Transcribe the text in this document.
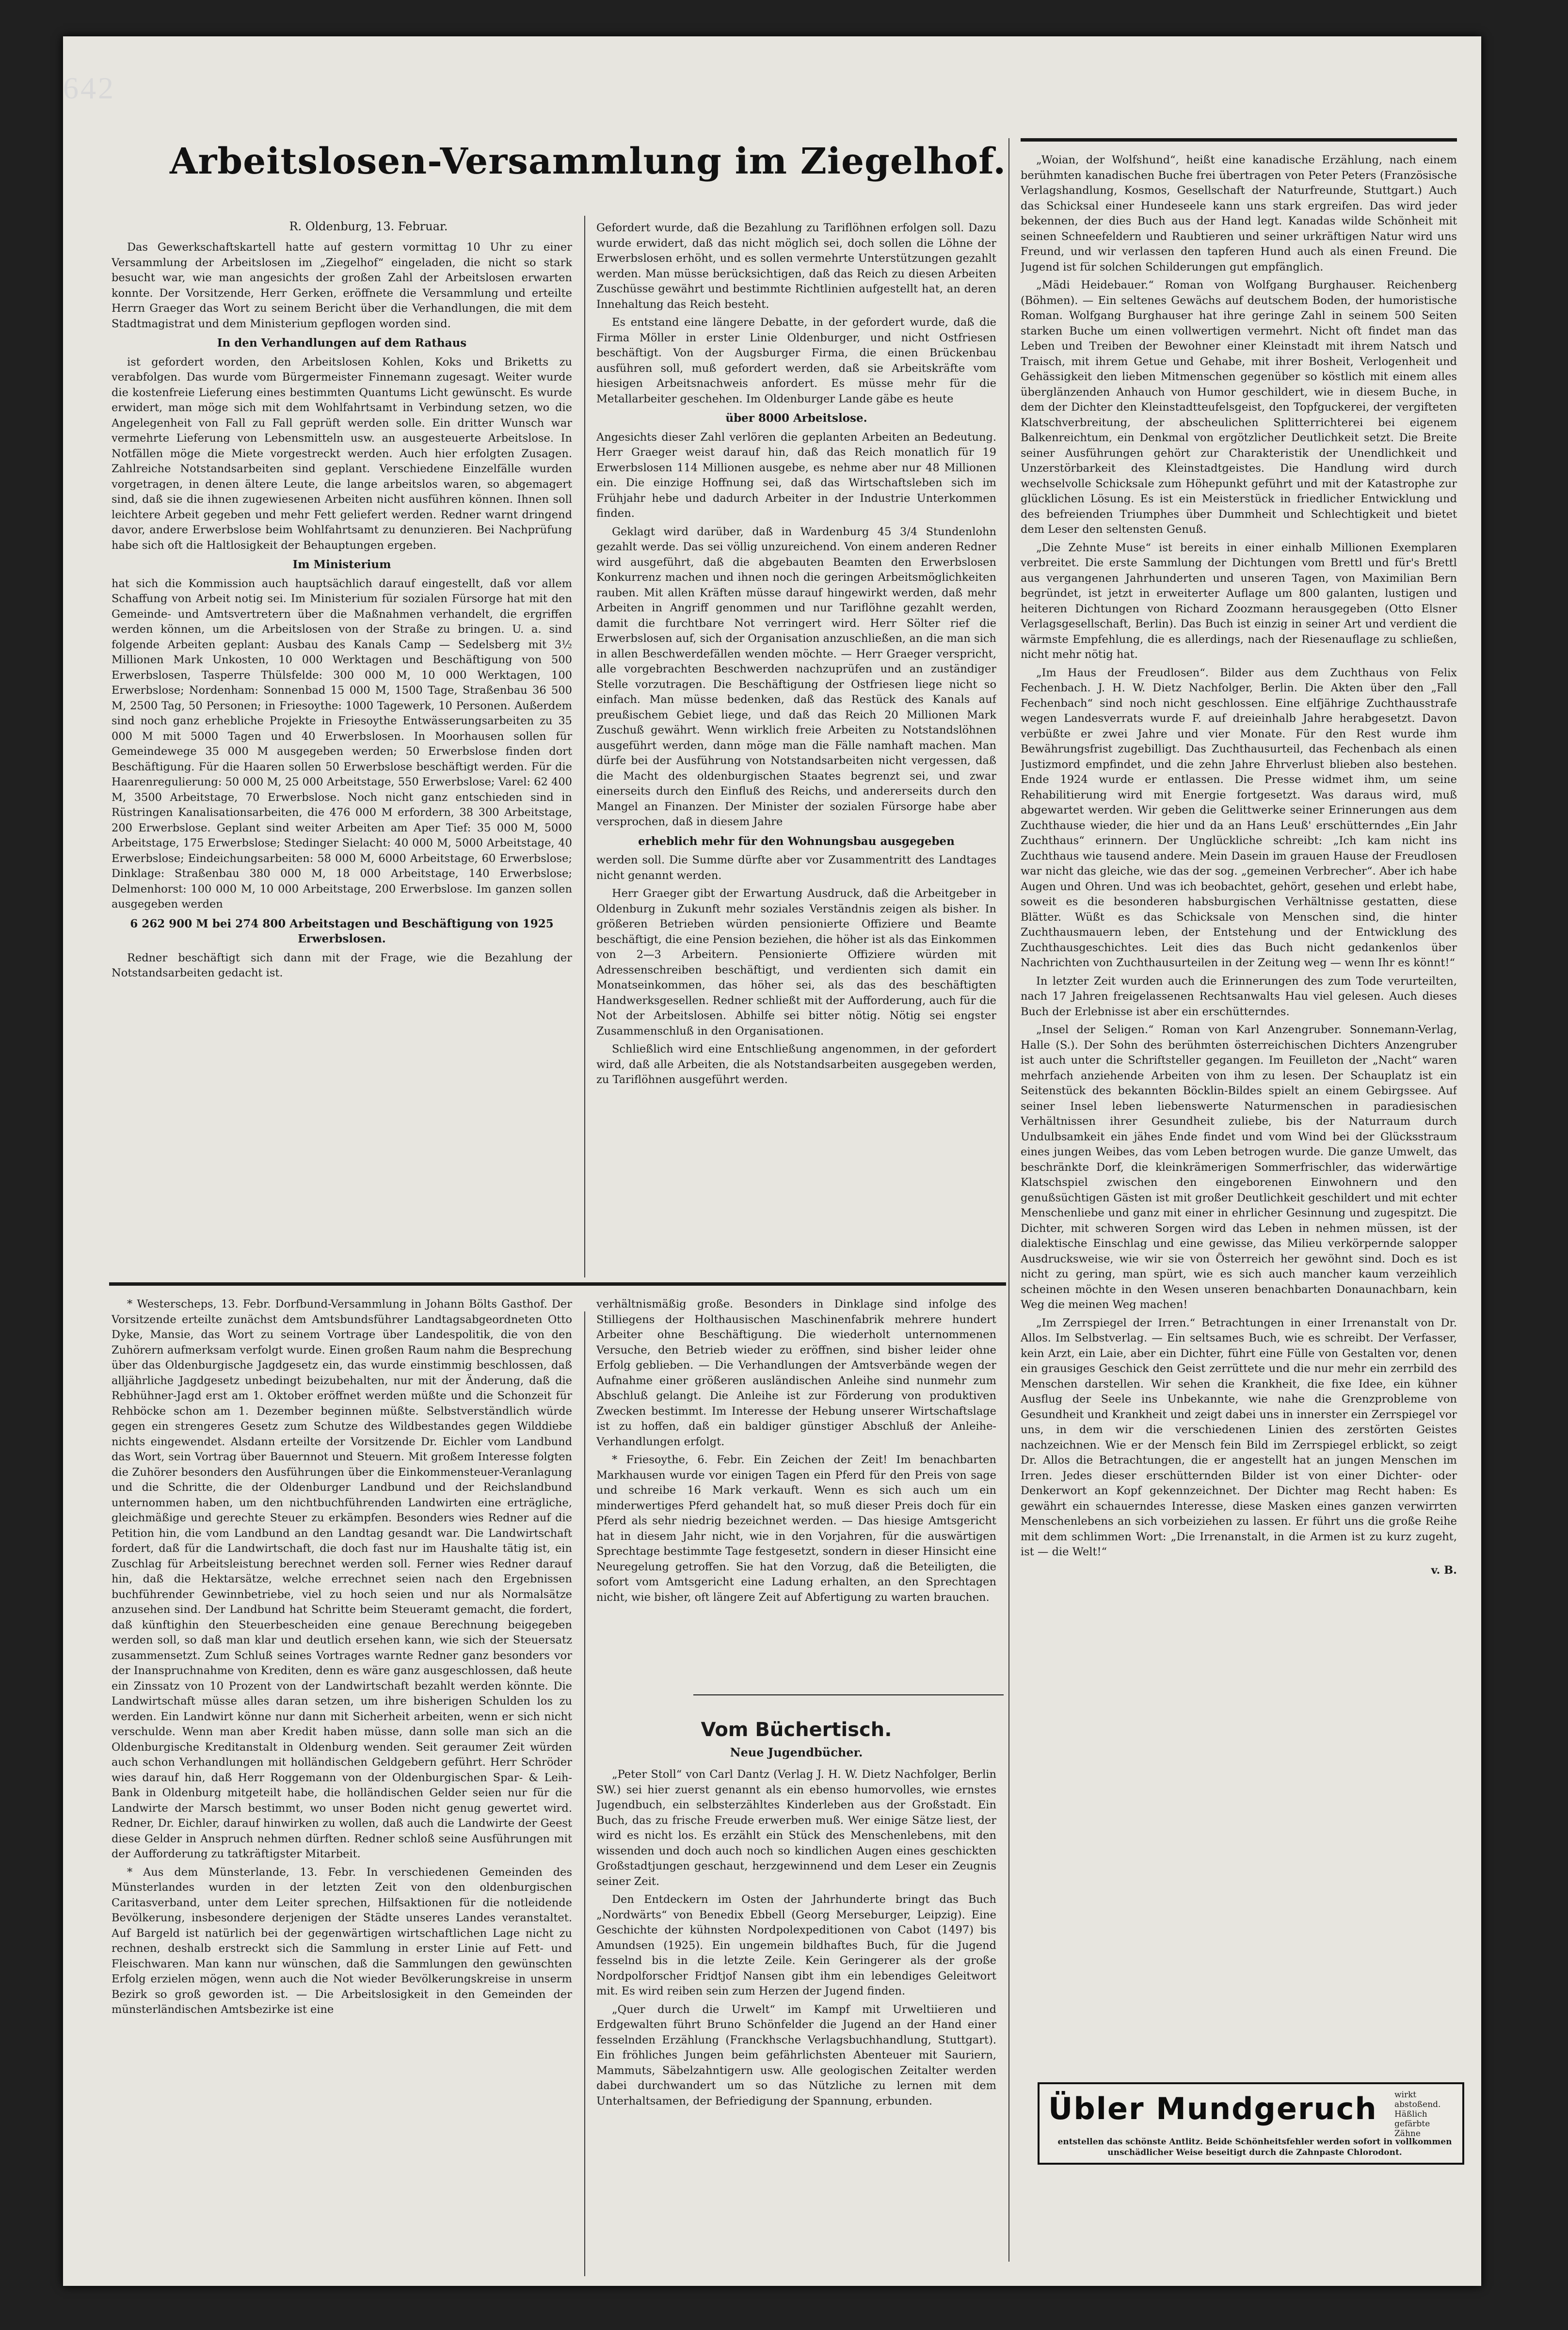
642
Arbeitslosen-Versammlung im Ziegelhof.
R. Oldenburg, 13. Februar.

Das Gewerkschaftskartell hatte auf gestern vormittag 10 Uhr zu einer Versammlung der Arbeitslosen im „Ziegelhof“ eingeladen, die nicht so stark besucht war, wie man angesichts der großen Zahl der Arbeitslosen erwarten konnte. Der Vorsitzende, Herr Gerken, eröffnete die Versammlung und erteilte Herrn Graeger das Wort zu seinem Bericht über die Verhandlungen, die mit dem Stadtmagistrat und dem Ministerium gepflogen worden sind.

In den Verhandlungen auf dem Rathaus

ist gefordert worden, den Arbeitslosen Kohlen, Koks und Briketts zu verabfolgen. Das wurde vom Bürgermeister Finnemann zugesagt. Weiter wurde die kostenfreie Lieferung eines bestimmten Quantums Licht gewünscht. Es wurde erwidert, man möge sich mit dem Wohlfahrtsamt in Verbindung setzen, wo die Angelegenheit von Fall zu Fall geprüft werden solle. Ein dritter Wunsch war vermehrte Lieferung von Lebensmitteln usw. an ausgesteuerte Arbeitslose. In Notfällen möge die Miete vorgestreckt werden. Auch hier erfolgten Zusagen. Zahlreiche Notstandsarbeiten sind geplant. Verschiedene Einzelfälle wurden vorgetragen, in denen ältere Leute, die lange arbeitslos waren, so abgemagert sind, daß sie die ihnen zugewiesenen Arbeiten nicht ausführen können. Ihnen soll leichtere Arbeit gegeben und mehr Fett geliefert werden. Redner warnt dringend davor, andere Erwerbslose beim Wohlfahrtsamt zu denunzieren. Bei Nachprüfung habe sich oft die Haltlosigkeit der Behauptungen ergeben.

Im Ministerium

hat sich die Kommission auch hauptsächlich darauf eingestellt, daß vor allem Schaffung von Arbeit notig sei. Im Ministerium für sozialen Fürsorge hat mit den Gemeinde- und Amtsvertretern über die Maßnahmen verhandelt, die ergriffen werden können, um die Arbeitslosen von der Straße zu bringen. U. a. sind folgende Arbeiten geplant: Ausbau des Kanals Camp — Sedelsberg mit 3½ Millionen Mark Unkosten, 10 000 Werktagen und Beschäftigung von 500 Erwerbslosen, Tasperre Thülsfelde: 300 000 M, 10 000 Werktagen, 100 Erwerbslose; Nordenham: Sonnenbad 15 000 M, 1500 Tage, Straßenbau 36 500 M, 2500 Tag, 50 Personen; in Friesoythe: 1000 Tagewerk, 10 Personen. Außerdem sind noch ganz erhebliche Projekte in Friesoythe Entwässerungsarbeiten zu 35 000 M mit 5000 Tagen und 40 Erwerbslosen. In Moorhausen sollen für Gemeindewege 35 000 M ausgegeben werden; 50 Erwerbslose finden dort Beschäftigung. Für die Haaren sollen 50 Erwerbslose beschäftigt werden. Für die Haarenregulierung: 50 000 M, 25 000 Arbeitstage, 550 Erwerbslose; Varel: 62 400 M, 3500 Arbeitstage, 70 Erwerbslose. Noch nicht ganz entschieden sind in Rüstringen Kanalisationsarbeiten, die 476 000 M erfordern, 38 300 Arbeitstage, 200 Erwerbslose. Geplant sind weiter Arbeiten am Aper Tief: 35 000 M, 5000 Arbeitstage, 175 Erwerbslose; Stedinger Sielacht: 40 000 M, 5000 Arbeitstage, 40 Erwerbslose; Eindeichungsarbeiten: 58 000 M, 6000 Arbeitstage, 60 Erwerbslose; Dinklage: Straßenbau 380 000 M, 18 000 Arbeitstage, 140 Erwerbslose; Delmenhorst: 100 000 M, 10 000 Arbeitstage, 200 Erwerbslose. Im ganzen sollen ausgegeben werden

6 262 900 M bei 274 800 Arbeitstagen und Beschäftigung von 1925 Erwerbslosen.

Redner beschäftigt sich dann mit der Frage, wie die Bezahlung der Notstandsarbeiten gedacht ist.

Gefordert wurde, daß die Bezahlung zu Tariflöhnen erfolgen soll. Dazu wurde erwidert, daß das nicht möglich sei, doch sollen die Löhne der Erwerbslosen erhöht, und es sollen vermehrte Unterstützungen gezahlt werden. Man müsse berücksichtigen, daß das Reich zu diesen Arbeiten Zuschüsse gewährt und bestimmte Richtlinien aufgestellt hat, an deren Innehaltung das Reich besteht.

Es entstand eine längere Debatte, in der gefordert wurde, daß die Firma Möller in erster Linie Oldenburger, und nicht Ostfriesen beschäftigt. Von der Augsburger Firma, die einen Brückenbau ausführen soll, muß gefordert werden, daß sie Arbeitskräfte vom hiesigen Arbeitsnachweis anfordert. Es müsse mehr für die Metallarbeiter geschehen. Im Oldenburger Lande gäbe es heute

über 8000 Arbeitslose.

Angesichts dieser Zahl verlören die geplanten Arbeiten an Bedeutung. Herr Graeger weist darauf hin, daß das Reich monatlich für 19 Erwerbslosen 114 Millionen ausgebe, es nehme aber nur 48 Millionen ein. Die einzige Hoffnung sei, daß das Wirtschaftsleben sich im Frühjahr hebe und dadurch Arbeiter in der Industrie Unterkommen finden.

Geklagt wird darüber, daß in Wardenburg 45 3/4 Stundenlohn gezahlt werde. Das sei völlig unzureichend. Von einem anderen Redner wird ausgeführt, daß die abgebauten Beamten den Erwerbslosen Konkurrenz machen und ihnen noch die geringen Arbeitsmöglichkeiten rauben. Mit allen Kräften müsse darauf hingewirkt werden, daß mehr Arbeiten in Angriff genommen und nur Tariflöhne gezahlt werden, damit die furchtbare Not verringert wird. Herr Sölter rief die Erwerbslosen auf, sich der Organisation anzuschließen, an die man sich in allen Beschwerdefällen wenden möchte. — Herr Graeger verspricht, alle vorgebrachten Beschwerden nachzuprüfen und an zuständiger Stelle vorzutragen. Die Beschäftigung der Ostfriesen liege nicht so einfach. Man müsse bedenken, daß das Restück des Kanals auf preußischem Gebiet liege, und daß das Reich 20 Millionen Mark Zuschuß gewährt. Wenn wirklich freie Arbeiten zu Notstandslöhnen ausgeführt werden, dann möge man die Fälle namhaft machen. Man dürfe bei der Ausführung von Notstandsarbeiten nicht vergessen, daß die Macht des oldenburgischen Staates begrenzt sei, und zwar einerseits durch den Einfluß des Reichs, und andererseits durch den Mangel an Finanzen. Der Minister der sozialen Fürsorge habe aber versprochen, daß in diesem Jahre

erheblich mehr für den Wohnungsbau ausgegeben

werden soll. Die Summe dürfte aber vor Zusammentritt des Landtages nicht genannt werden.

Herr Graeger gibt der Erwartung Ausdruck, daß die Arbeitgeber in Oldenburg in Zukunft mehr soziales Verständnis zeigen als bisher. In größeren Betrieben würden pensionierte Offiziere und Beamte beschäftigt, die eine Pension beziehen, die höher ist als das Einkommen von 2—3 Arbeitern. Pensionierte Offiziere würden mit Adressenschreiben beschäftigt, und verdienten sich damit ein Monatseinkommen, das höher sei, als das des beschäftigten Handwerksgesellen. Redner schließt mit der Aufforderung, auch für die Not der Arbeitslosen. Abhilfe sei bitter nötig. Nötig sei engster Zusammenschluß in den Organisationen.

Schließlich wird eine Entschließung angenommen, in der gefordert wird, daß alle Arbeiten, die als Notstandsarbeiten ausgegeben werden, zu Tariflöhnen ausgeführt werden.

* Westerscheps, 13. Febr. Dorfbund-Versammlung in Johann Bölts Gasthof. Der Vorsitzende erteilte zunächst dem Amtsbundsführer Landtagsabgeordneten Otto Dyke, Mansie, das Wort zu seinem Vortrage über Landespolitik, die von den Zuhörern aufmerksam verfolgt wurde. Einen großen Raum nahm die Besprechung über das Oldenburgische Jagdgesetz ein, das wurde einstimmig beschlossen, daß alljährliche Jagdgesetz unbedingt beizubehalten, nur mit der Änderung, daß die Rebhühner-Jagd erst am 1. Oktober eröffnet werden müßte und die Schonzeit für Rehböcke schon am 1. Dezember beginnen müßte. Selbstverständlich würde gegen ein strengeres Gesetz zum Schutze des Wildbestandes gegen Wilddiebe nichts eingewendet. Alsdann erteilte der Vorsitzende Dr. Eichler vom Landbund das Wort, sein Vortrag über Bauernnot und Steuern. Mit großem Interesse folgten die Zuhörer besonders den Ausführungen über die Einkommensteuer-Veranlagung und die Schritte, die der Oldenburger Landbund und der Reichslandbund unternommen haben, um den nichtbuchführenden Landwirten eine erträgliche, gleichmäßige und gerechte Steuer zu erkämpfen. Besonders wies Redner auf die Petition hin, die vom Landbund an den Landtag gesandt war. Die Landwirtschaft fordert, daß für die Landwirtschaft, die doch fast nur im Haushalte tätig ist, ein Zuschlag für Arbeitsleistung berechnet werden soll. Ferner wies Redner darauf hin, daß die Hektarsätze, welche errechnet seien nach den Ergebnissen buchführender Gewinnbetriebe, viel zu hoch seien und nur als Normalsätze anzusehen sind. Der Landbund hat Schritte beim Steueramt gemacht, die fordert, daß künftighin den Steuerbescheiden eine genaue Berechnung beigegeben werden soll, so daß man klar und deutlich ersehen kann, wie sich der Steuersatz zusammensetzt. Zum Schluß seines Vortrages warnte Redner ganz besonders vor der Inanspruchnahme von Krediten, denn es wäre ganz ausgeschlossen, daß heute ein Zinssatz von 10 Prozent von der Landwirtschaft bezahlt werden könnte. Die Landwirtschaft müsse alles daran setzen, um ihre bisherigen Schulden los zu werden. Ein Landwirt könne nur dann mit Sicherheit arbeiten, wenn er sich nicht verschulde. Wenn man aber Kredit haben müsse, dann solle man sich an die Oldenburgische Kreditanstalt in Oldenburg wenden. Seit geraumer Zeit würden auch schon Verhandlungen mit holländischen Geldgebern geführt. Herr Schröder wies darauf hin, daß Herr Roggemann von der Oldenburgischen Spar- & Leih-Bank in Oldenburg mitgeteilt habe, die holländischen Gelder seien nur für die Landwirte der Marsch bestimmt, wo unser Boden nicht genug gewertet wird. Redner, Dr. Eichler, darauf hinwirken zu wollen, daß auch die Landwirte der Geest diese Gelder in Anspruch nehmen dürften. Redner schloß seine Ausführungen mit der Aufforderung zu tatkräftigster Mitarbeit.

* Aus dem Münsterlande, 13. Febr. In verschiedenen Gemeinden des Münsterlandes wurden in der letzten Zeit von den oldenburgischen Caritasverband, unter dem Leiter sprechen, Hilfsaktionen für die notleidende Bevölkerung, insbesondere derjenigen der Städte unseres Landes veranstaltet. Auf Bargeld ist natürlich bei der gegenwärtigen wirtschaftlichen Lage nicht zu rechnen, deshalb erstreckt sich die Sammlung in erster Linie auf Fett- und Fleischwaren. Man kann nur wünschen, daß die Sammlungen den gewünschten Erfolg erzielen mögen, wenn auch die Not wieder Bevölkerungskreise in unserm Bezirk so groß geworden ist. — Die Arbeitslosigkeit in den Gemeinden der münsterländischen Amtsbezirke ist eine

verhältnismäßig große. Besonders in Dinklage sind infolge des Stilliegens der Holthausischen Maschinenfabrik mehrere hundert Arbeiter ohne Beschäftigung. Die wiederholt unternommenen Versuche, den Betrieb wieder zu eröffnen, sind bisher leider ohne Erfolg geblieben. — Die Verhandlungen der Amtsverbände wegen der Aufnahme einer größeren ausländischen Anleihe sind nunmehr zum Abschluß gelangt. Die Anleihe ist zur Förderung von produktiven Zwecken bestimmt. Im Interesse der Hebung unserer Wirtschaftslage ist zu hoffen, daß ein baldiger günstiger Abschluß der Anleihe-Verhandlungen erfolgt.

* Friesoythe, 6. Febr. Ein Zeichen der Zeit! Im benachbarten Markhausen wurde vor einigen Tagen ein Pferd für den Preis von sage und schreibe 16 Mark verkauft. Wenn es sich auch um ein minderwertiges Pferd gehandelt hat, so muß dieser Preis doch für ein Pferd als sehr niedrig bezeichnet werden. — Das hiesige Amtsgericht hat in diesem Jahr nicht, wie in den Vorjahren, für die auswärtigen Sprechtage bestimmte Tage festgesetzt, sondern in dieser Hinsicht eine Neuregelung getroffen. Sie hat den Vorzug, daß die Beteiligten, die sofort vom Amtsgericht eine Ladung erhalten, an den Sprechtagen nicht, wie bisher, oft längere Zeit auf Abfertigung zu warten brauchen.

Vom Büchertisch.
Neue Jugendbücher.

„Peter Stoll“ von Carl Dantz (Verlag J. H. W. Dietz Nachfolger, Berlin SW.) sei hier zuerst genannt als ein ebenso humorvolles, wie ernstes Jugendbuch, ein selbsterzähltes Kinderleben aus der Großstadt. Ein Buch, das zu frische Freude erwerben muß. Wer einige Sätze liest, der wird es nicht los. Es erzählt ein Stück des Menschenlebens, mit den wissenden und doch auch noch so kindlichen Augen eines geschickten Großstadtjungen geschaut, herzgewinnend und dem Leser ein Zeugnis seiner Zeit.

Den Entdeckern im Osten der Jahrhunderte bringt das Buch „Nordwärts“ von Benedix Ebbell (Georg Merseburger, Leipzig). Eine Geschichte der kühnsten Nordpolexpeditionen von Cabot (1497) bis Amundsen (1925). Ein ungemein bildhaftes Buch, für die Jugend fesselnd bis in die letzte Zeile. Kein Geringerer als der große Nordpolforscher Fridtjof Nansen gibt ihm ein lebendiges Geleitwort mit. Es wird reiben sein zum Herzen der Jugend finden.

„Quer durch die Urwelt“ im Kampf mit Urweltiieren und Erdgewalten führt Bruno Schönfelder die Jugend an der Hand einer fesselnden Erzählung (Franckhsche Verlagsbuchhandlung, Stuttgart). Ein fröhliches Jungen beim gefährlichsten Abenteuer mit Sauriern, Mammuts, Säbelzahntigern usw. Alle geologischen Zeitalter werden dabei durchwandert um so das Nützliche zu lernen mit dem Unterhaltsamen, der Befriedigung der Spannung, erbunden.

„Woian, der Wolfshund“, heißt eine kanadische Erzählung, nach einem berühmten kanadischen Buche frei übertragen von Peter Peters (Französische Verlagshandlung, Kosmos, Gesellschaft der Naturfreunde, Stuttgart.) Auch das Schicksal einer Hundeseele kann uns stark ergreifen. Das wird jeder bekennen, der dies Buch aus der Hand legt. Kanadas wilde Schönheit mit seinen Schneefeldern und Raubtieren und seiner urkräftigen Natur wird uns Freund, und wir verlassen den tapferen Hund auch als einen Freund. Die Jugend ist für solchen Schilderungen gut empfänglich.

„Mädi Heidebauer.“ Roman von Wolfgang Burghauser. Reichenberg (Böhmen). — Ein seltenes Gewächs auf deutschem Boden, der humoristische Roman. Wolfgang Burghauser hat ihre geringe Zahl in seinem 500 Seiten starken Buche um einen vollwertigen vermehrt. Nicht oft findet man das Leben und Treiben der Bewohner einer Kleinstadt mit ihrem Natsch und Traisch, mit ihrem Getue und Gehabe, mit ihrer Bosheit, Verlogenheit und Gehässigkeit den lieben Mitmenschen gegenüber so köstlich mit einem alles überglänzenden Anhauch von Humor geschildert, wie in diesem Buche, in dem der Dichter den Kleinstadtteufelsgeist, den Topfguckerei, der vergifteten Klatschverbreitung, der abscheulichen Splitterrichterei bei eigenem Balkenreichtum, ein Denkmal von ergötzlicher Deutlichkeit setzt. Die Breite seiner Ausführungen gehört zur Charakteristik der Unendlichkeit und Unzerstörbarkeit des Kleinstadtgeistes. Die Handlung wird durch wechselvolle Schicksale zum Höhepunkt geführt und mit der Katastrophe zur glücklichen Lösung. Es ist ein Meisterstück in friedlicher Entwicklung und des befreienden Triumphes über Dummheit und Schlechtigkeit und bietet dem Leser den seltensten Genuß.

„Die Zehnte Muse“ ist bereits in einer einhalb Millionen Exemplaren verbreitet. Die erste Sammlung der Dichtungen vom Brettl und für's Brettl aus vergangenen Jahrhunderten und unseren Tagen, von Maximilian Bern begründet, ist jetzt in erweiterter Auflage um 800 galanten, lustigen und heiteren Dichtungen von Richard Zoozmann herausgegeben (Otto Elsner Verlagsgesellschaft, Berlin). Das Buch ist einzig in seiner Art und verdient die wärmste Empfehlung, die es allerdings, nach der Riesenauflage zu schließen, nicht mehr nötig hat.

„Im Haus der Freudlosen“. Bilder aus dem Zuchthaus von Felix Fechenbach. J. H. W. Dietz Nachfolger, Berlin. Die Akten über den „Fall Fechenbach“ sind noch nicht geschlossen. Eine elfjährige Zuchthausstrafe wegen Landesverrats wurde F. auf dreieinhalb Jahre herabgesetzt. Davon verbüßte er zwei Jahre und vier Monate. Für den Rest wurde ihm Bewährungsfrist zugebilligt. Das Zuchthausurteil, das Fechenbach als einen Justizmord empfindet, und die zehn Jahre Ehrverlust blieben also bestehen. Ende 1924 wurde er entlassen. Die Presse widmet ihm, um seine Rehabilitierung wird mit Energie fortgesetzt. Was daraus wird, muß abgewartet werden. Wir geben die Gelittwerke seiner Erinnerungen aus dem Zuchthause wieder, die hier und da an Hans Leuß' erschütterndes „Ein Jahr Zuchthaus“ erinnern. Der Unglückliche schreibt: „Ich kam nicht ins Zuchthaus wie tausend andere. Mein Dasein im grauen Hause der Freudlosen war nicht das gleiche, wie das der sog. „gemeinen Verbrecher“. Aber ich habe Augen und Ohren. Und was ich beobachtet, gehört, gesehen und erlebt habe, soweit es die besonderen habsburgischen Verhältnisse gestatten, diese Blätter. Wüßt es das Schicksale von Menschen sind, die hinter Zuchthausmauern leben, der Entstehung und der Entwicklung des Zuchthausgeschichtes. Leit dies das Buch nicht gedankenlos über Nachrichten von Zuchthausurteilen in der Zeitung weg — wenn Ihr es könnt!“

In letzter Zeit wurden auch die Erinnerungen des zum Tode verurteilten, nach 17 Jahren freigelassenen Rechtsanwalts Hau viel gelesen. Auch dieses Buch der Erlebnisse ist aber ein erschütterndes.

„Insel der Seligen.“ Roman von Karl Anzengruber. Sonnemann-Verlag, Halle (S.). Der Sohn des berühmten österreichischen Dichters Anzengruber ist auch unter die Schriftsteller gegangen. Im Feuilleton der „Nacht“ waren mehrfach anziehende Arbeiten von ihm zu lesen. Der Schauplatz ist ein Seitenstück des bekannten Böcklin-Bildes spielt an einem Gebirgssee. Auf seiner Insel leben liebenswerte Naturmenschen in paradiesischen Verhältnissen ihrer Gesundheit zuliebe, bis der Naturraum durch Undulbsamkeit ein jähes Ende findet und vom Wind bei der Glücksstraum eines jungen Weibes, das vom Leben betrogen wurde. Die ganze Umwelt, das beschränkte Dorf, die kleinkrämerigen Sommerfrischler, das widerwärtige Klatschspiel zwischen den eingeborenen Einwohnern und den genußsüchtigen Gästen ist mit großer Deutlichkeit geschildert und mit echter Menschenliebe und ganz mit einer in ehrlicher Gesinnung und zugespitzt. Die Dichter, mit schweren Sorgen wird das Leben in nehmen müssen, ist der dialektische Einschlag und eine gewisse, das Milieu verkörpernde salopper Ausdrucksweise, wie wir sie von Österreich her gewöhnt sind. Doch es ist nicht zu gering, man spürt, wie es sich auch mancher kaum verzeihlich scheinen möchte in den Wesen unseren benachbarten Donaunachbarn, kein Weg die meinen Weg machen!

„Im Zerrspiegel der Irren.“ Betrachtungen in einer Irrenanstalt von Dr. Allos. Im Selbstverlag. — Ein seltsames Buch, wie es schreibt. Der Verfasser, kein Arzt, ein Laie, aber ein Dichter, führt eine Fülle von Gestalten vor, denen ein grausiges Geschick den Geist zerrüttete und die nur mehr ein zerrbild des Menschen darstellen. Wir sehen die Krankheit, die fixe Idee, ein kühner Ausflug der Seele ins Unbekannte, wie nahe die Grenzprobleme von Gesundheit und Krankheit und zeigt dabei uns in innerster ein Zerrspiegel vor uns, in dem wir die verschiedenen Linien des zerstörten Geistes nachzeichnen. Wie er der Mensch fein Bild im Zerrspiegel erblickt, so zeigt Dr. Allos die Betrachtungen, die er angestellt hat an jungen Menschen im Irren. Jedes dieser erschütternden Bilder ist von einer Dichter- oder Denkerwort an Kopf gekennzeichnet. Der Dichter mag Recht haben: Es gewährt ein schauerndes Interesse, diese Masken eines ganzen verwirrten Menschenlebens an sich vorbeiziehen zu lassen. Er führt uns die große Reihe mit dem schlimmen Wort: „Die Irrenanstalt, in die Armen ist zu kurz zugeht, ist — die Welt!“

v. B.
Übler Mundgeruch wirkt abstoßend. Häßlich gefärbte Zähne
entstellen das schönste Antlitz. Beide Schönheitsfehler werden sofort in vollkommen unschädlicher Weise beseitigt durch die Zahnpaste Chlorodont.
